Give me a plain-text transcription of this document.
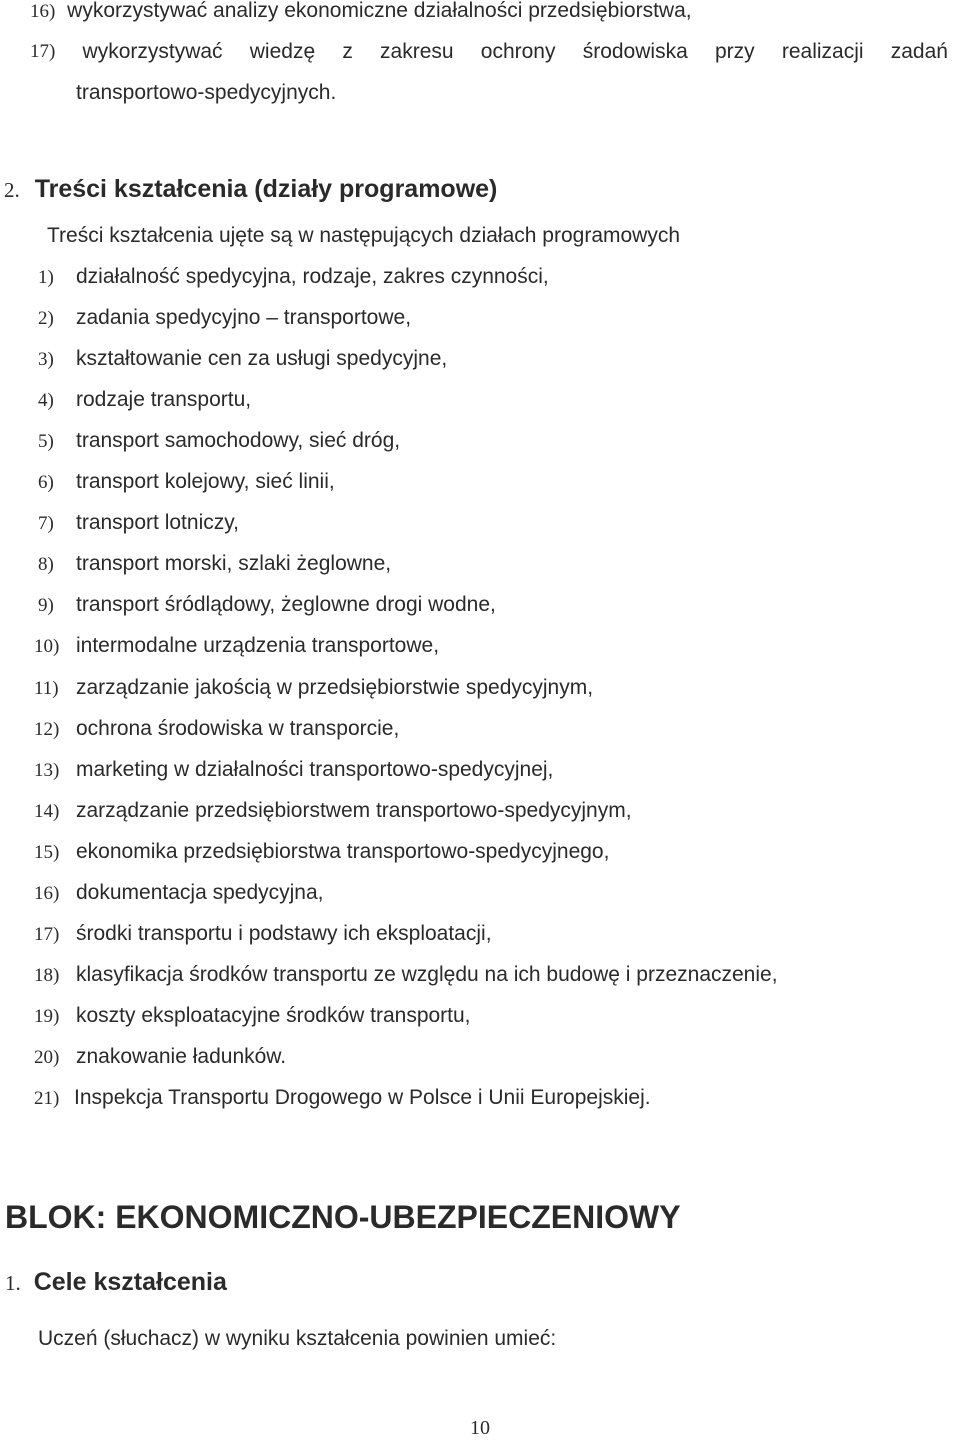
16) wykorzystywać analizy ekonomiczne działalności przedsiębiorstwa,
17) wykorzystywać wiedzę z zakresu ochrony środowiska przy realizacji zadań
transportowo-spedycyjnych.
2. Treści kształcenia (działy programowe)
Treści kształcenia ujęte są w następujących działach programowych
1) działalność spedycyjna, rodzaje, zakres czynności,
2) zadania spedycyjno – transportowe,
3) kształtowanie cen za usługi spedycyjne,
4) rodzaje transportu,
5) transport samochodowy, sieć dróg,
6) transport kolejowy, sieć linii,
7) transport lotniczy,
8) transport morski, szlaki żeglowne,
9) transport śródlądowy, żeglowne drogi wodne,
10) intermodalne urządzenia transportowe,
11) zarządzanie jakością w przedsiębiorstwie spedycyjnym,
12) ochrona środowiska w transporcie,
13) marketing w działalności transportowo-spedycyjnej,
14) zarządzanie przedsiębiorstwem transportowo-spedycyjnym,
15) ekonomika przedsiębiorstwa transportowo-spedycyjnego,
16) dokumentacja spedycyjna,
17) środki transportu i podstawy ich eksploatacji,
18) klasyfikacja środków transportu ze względu na ich budowę i przeznaczenie,
19) koszty eksploatacyjne środków transportu,
20) znakowanie ładunków.
21) Inspekcja Transportu Drogowego w Polsce i Unii Europejskiej.
BLOK: EKONOMICZNO-UBEZPIECZENIOWY
1. Cele kształcenia
Uczeń (słuchacz) w wyniku kształcenia powinien umieć:
10
